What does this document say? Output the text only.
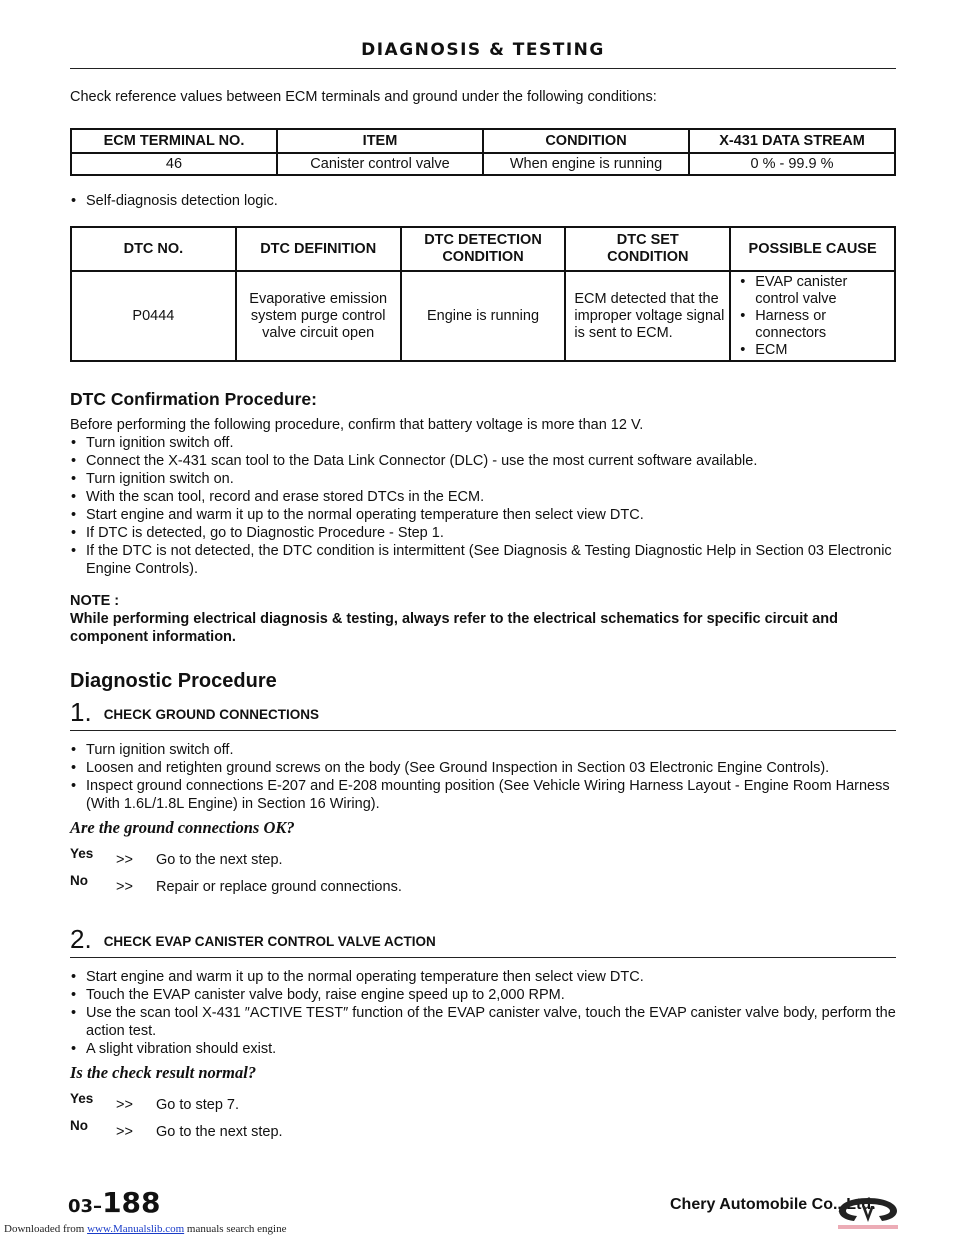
DIAGNOSIS & TESTING

Check reference values between ECM terminals and ground under the following conditions:

ECM TERMINAL NO.	ITEM	CONDITION	X-431 DATA STREAM
46	Canister control valve	When engine is running	0 % - 99.9 %

• Self-diagnosis detection logic.

DTC NO.	DTC DEFINITION	DTC DETECTION CONDITION	DTC SET CONDITION	POSSIBLE CAUSE
P0444	Evaporative emission system purge control valve circuit open	Engine is running	ECM detected that the improper voltage signal is sent to ECM.	• EVAP canister control valve
• Harness or connectors
• ECM
DTC Confirmation Procedure:

Before performing the following procedure, confirm that battery voltage is more than 12 V.

• Turn ignition switch off.
• Connect the X-431 scan tool to the Data Link Connector (DLC) - use the most current software available.
• Turn ignition switch on.
• With the scan tool, record and erase stored DTCs in the ECM.
• Start engine and warm it up to the normal operating temperature then select view DTC.
• If DTC is detected, go to Diagnostic Procedure - Step 1.
• If the DTC is not detected, the DTC condition is intermittent (See Diagnosis & Testing Diagnostic Help in Section 03 Electronic Engine Controls).

NOTE :

While performing electrical diagnosis & testing, always refer to the electrical schematics for specific circuit and component information.

Diagnostic Procedure
1. CHECK GROUND CONNECTIONS
• Turn ignition switch off.
• Loosen and retighten ground screws on the body (See Ground Inspection in Section 03 Electronic Engine Controls).
• Inspect ground connections E-207 and E-208 mounting position (See Vehicle Wiring Harness Layout - Engine Room Harness (With 1.6L/1.8L Engine) in Section 16 Wiring).

Are the ground connections OK?

Yes	>>	Go to the next step.
No	>>	Repair or replace ground connections.
2. CHECK EVAP CANISTER CONTROL VALVE ACTION
• Start engine and warm it up to the normal operating temperature then select view DTC.
• Touch the EVAP canister valve body, raise engine speed up to 2,000 RPM.
• Use the scan tool X-431 ″ACTIVE TEST″ function of the EVAP canister valve, touch the EVAP canister valve body, perform the action test.
• A slight vibration should exist.

Is the check result normal?

Yes	>>	Go to step 7.
No	>>	Go to the next step.
03–188	Chery Automobile Co., Ltd.
Downloaded from www.Manualslib.com manuals search engine
